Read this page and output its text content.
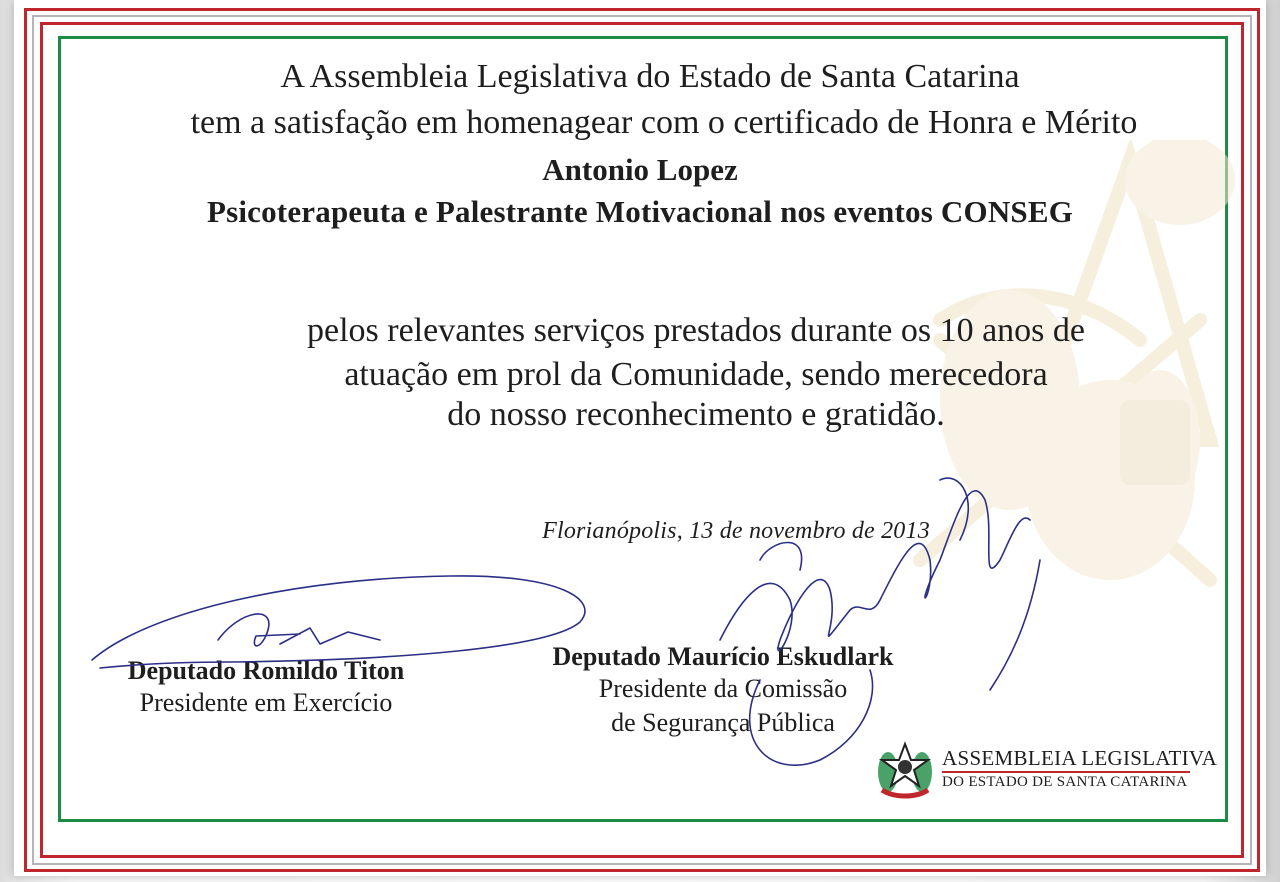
A Assembleia Legislativa do Estado de Santa Catarina
tem a satisfação em homenagear com o certificado de Honra e Mérito
Antonio Lopez
Psicoterapeuta e Palestrante Motivacional nos eventos CONSEG
pelos relevantes serviços prestados durante os 10 anos de
atuação em prol da Comunidade, sendo merecedora
do nosso reconhecimento e gratidão.
Florianópolis, 13 de novembro de 2013
Deputado Romildo Titon
Presidente em Exercício
Deputado Maurício Eskudlark
Presidente da Comissão
de Segurança Pública
ASSEMBLEIA LEGISLATIVA
DO ESTADO DE SANTA CATARINA
